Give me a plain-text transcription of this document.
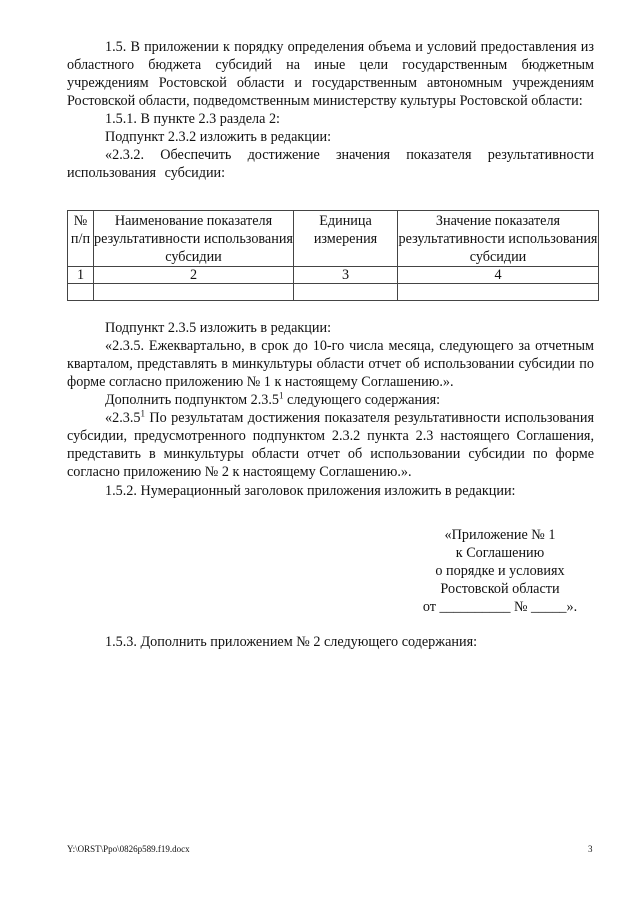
1.5. В приложении к порядку определения объема и условий предоставления из областного бюджета субсидий на иные цели государственным бюджетным учреждениям Ростовской области и государственным автономным учреждениям Ростовской области, подведомственным министерству культуры Ростовской области:

1.5.1. В пункте 2.3 раздела 2:

Подпункт 2.3.2 изложить в редакции:

«2.3.2. Обеспечить достижение значения показателя результативности использования субсидии:

№ п/п	Наименование показателя результативности использования субсидии	Единица измерения	Значение показателя результативности использования субсидии
1	2	3	4

Подпункт 2.3.5 изложить в редакции:

«2.3.5. Ежеквартально, в срок до 10-го числа месяца, следующего за отчетным кварталом, представлять в минкультуры области отчет об использовании субсидии по форме согласно приложению № 1 к настоящему Соглашению.».

Дополнить подпунктом 2.3.5$^1$ следующего содержания:

«2.3.5$^1$ По результатам достижения показателя результативности использования субсидии, предусмотренного подпунктом 2.3.2 пункта 2.3 настоящего Соглашения, представить в минкультуры области отчет об использовании субсидии по форме согласно приложению № 2 к настоящему Соглашению.».

1.5.2. Нумерационный заголовок приложения изложить в редакции:

«Приложение № 1

к Соглашению

о порядке и условиях

Ростовской области

от __________ № _____».

1.5.3. Дополнить приложением № 2 следующего содержания:

Y:\ORST\Ppo\0826p589.f19.docx	3
